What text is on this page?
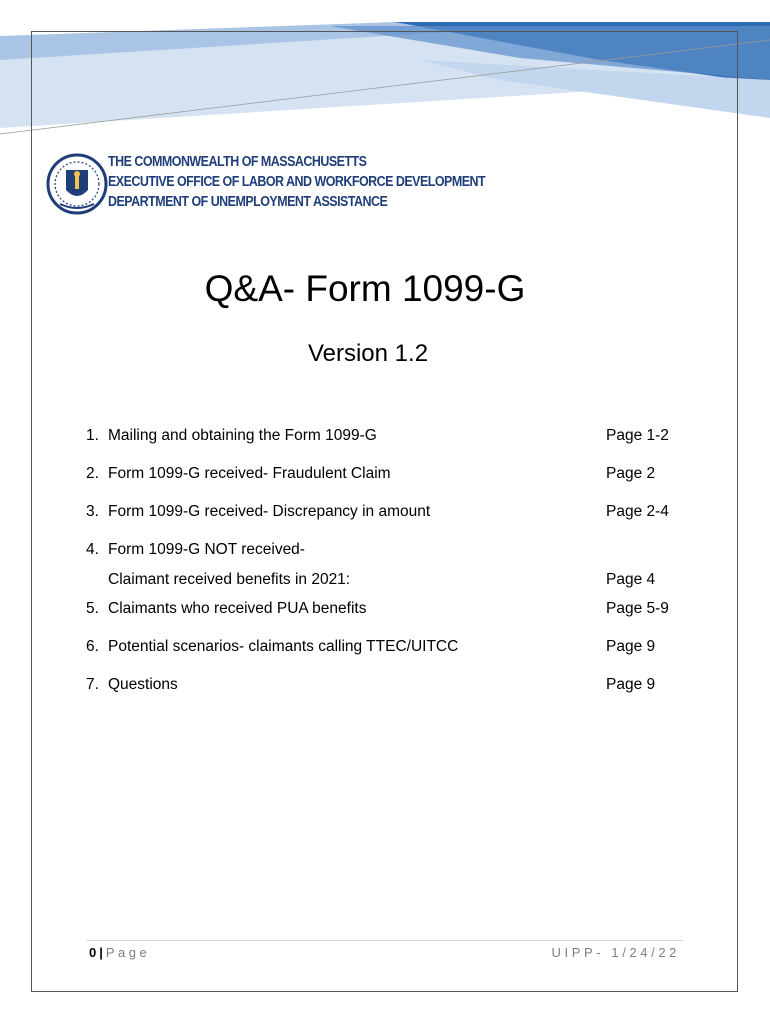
THE COMMONWEALTH OF MASSACHUSETTS
EXECUTIVE OFFICE OF LABOR AND WORKFORCE DEVELOPMENT
DEPARTMENT OF UNEMPLOYMENT ASSISTANCE
Q&A- Form 1099-G
Version 1.2
1. Mailing and obtaining the Form 1099-G	Page 1-2
2. Form 1099-G received- Fraudulent Claim	Page 2
3. Form 1099-G received- Discrepancy in amount	Page 2-4
4. Form 1099-G NOT received-
Claimant received benefits in 2021:	Page 4
5. Claimants who received PUA benefits	Page 5-9
6. Potential scenarios- claimants calling TTEC/UITCC	Page 9
7. Questions	Page 9
0 | Page	UIPP- 1/24/22
